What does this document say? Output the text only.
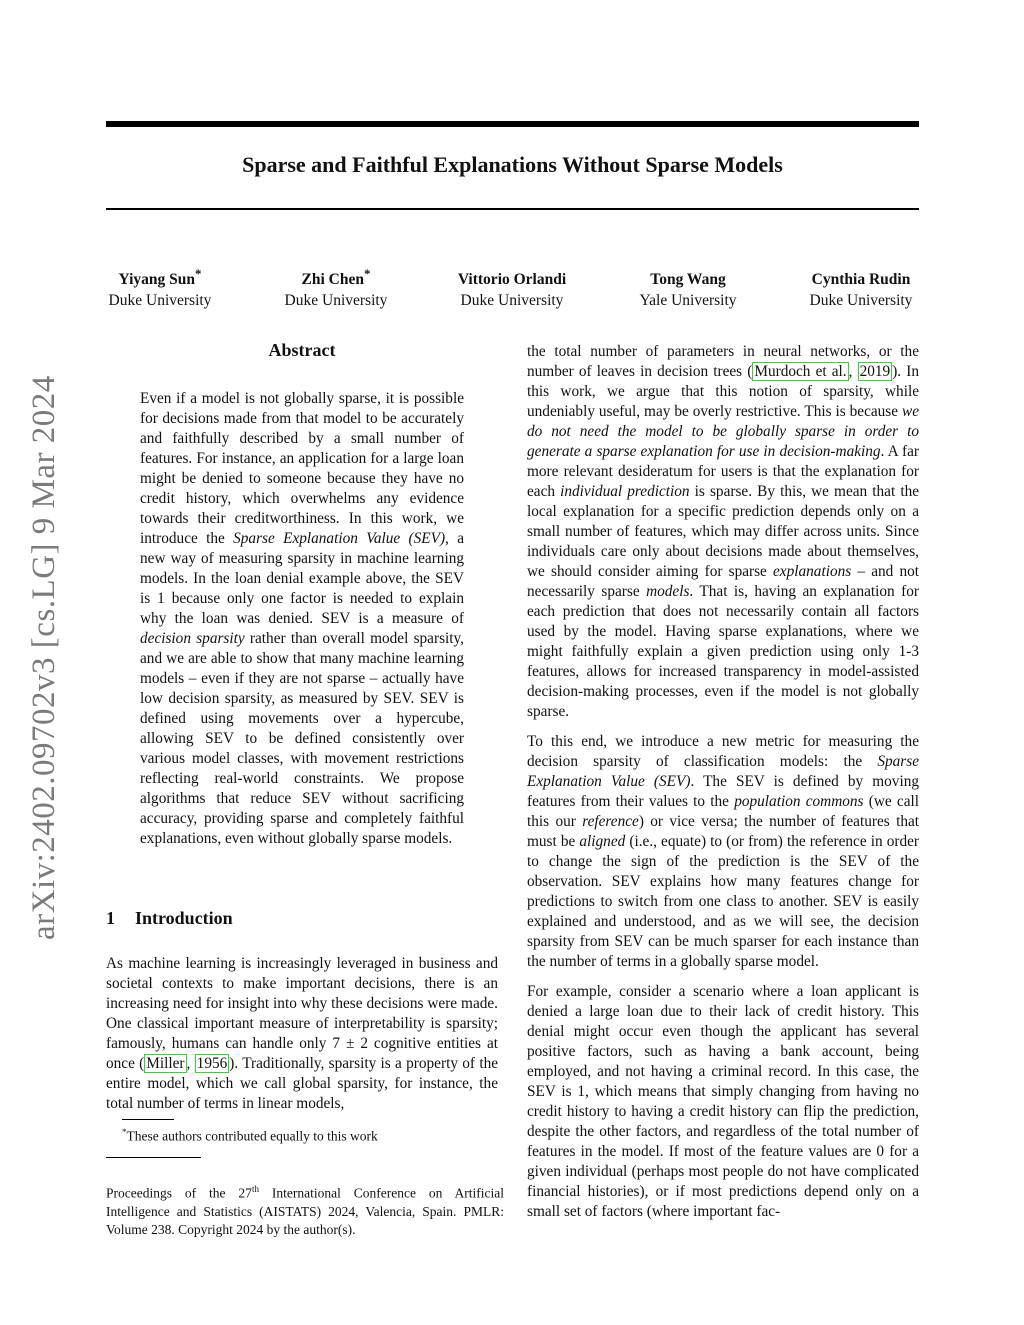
arXiv:2402.09702v3 [cs.LG] 9 Mar 2024
Sparse and Faithful Explanations Without Sparse Models
Yiyang Sun*
Duke University
Zhi Chen*
Duke University
Vittorio Orlandi
Duke University
Tong Wang
Yale University
Cynthia Rudin
Duke University
Abstract

Even if a model is not globally sparse, it is possible for decisions made from that model to be accurately and faithfully described by a small number of features. For instance, an application for a large loan might be denied to someone because they have no credit history, which overwhelms any evidence towards their creditworthiness. In this work, we introduce the Sparse Explanation Value (SEV), a new way of measuring sparsity in machine learning models. In the loan denial example above, the SEV is 1 because only one factor is needed to explain why the loan was denied. SEV is a measure of decision sparsity rather than overall model sparsity, and we are able to show that many machine learning models – even if they are not sparse – actually have low decision sparsity, as measured by SEV. SEV is defined using movements over a hypercube, allowing SEV to be defined consistently over various model classes, with movement restrictions reflecting real-world constraints. We propose algorithms that reduce SEV without sacrificing accuracy, providing sparse and completely faithful explanations, even without globally sparse models.

1 Introduction

As machine learning is increasingly leveraged in business and societal contexts to make important decisions, there is an increasing need for insight into why these decisions were made. One classical important measure of interpretability is sparsity; famously, humans can handle only 7 ± 2 cognitive entities at once ( Miller , 1956 ). Traditionally, sparsity is a property of the entire model, which we call global sparsity, for instance, the total number of terms in linear models,

*These authors contributed equally to this work

Proceedings of the 27th International Conference on Artificial Intelligence and Statistics (AISTATS) 2024, Valencia, Spain. PMLR: Volume 238. Copyright 2024 by the author(s).

the total number of parameters in neural networks, or the number of leaves in decision trees ( Murdoch et al. , 2019 ). In this work, we argue that this notion of sparsity, while undeniably useful, may be overly restrictive. This is because we do not need the model to be globally sparse in order to generate a sparse explanation for use in decision-making. A far more relevant desideratum for users is that the explanation for each individual prediction is sparse. By this, we mean that the local explanation for a specific prediction depends only on a small number of features, which may differ across units. Since individuals care only about decisions made about themselves, we should consider aiming for sparse explanations – and not necessarily sparse models. That is, having an explanation for each prediction that does not necessarily contain all factors used by the model. Having sparse explanations, where we might faithfully explain a given prediction using only 1-3 features, allows for increased transparency in model-assisted decision-making processes, even if the model is not globally sparse.

To this end, we introduce a new metric for measuring the decision sparsity of classification models: the Sparse Explanation Value (SEV). The SEV is defined by moving features from their values to the population commons (we call this our reference) or vice versa; the number of features that must be aligned (i.e., equate) to (or from) the reference in order to change the sign of the prediction is the SEV of the observation. SEV explains how many features change for predictions to switch from one class to another. SEV is easily explained and understood, and as we will see, the decision sparsity from SEV can be much sparser for each instance than the number of terms in a globally sparse model.

For example, consider a scenario where a loan applicant is denied a large loan due to their lack of credit history. This denial might occur even though the applicant has several positive factors, such as having a bank account, being employed, and not having a criminal record. In this case, the SEV is 1, which means that simply changing from having no credit history to having a credit history can flip the prediction, despite the other factors, and regardless of the total number of features in the model. If most of the feature values are 0 for a given individual (perhaps most people do not have complicated financial histories), or if most predictions depend only on a small set of factors (where important fac-
